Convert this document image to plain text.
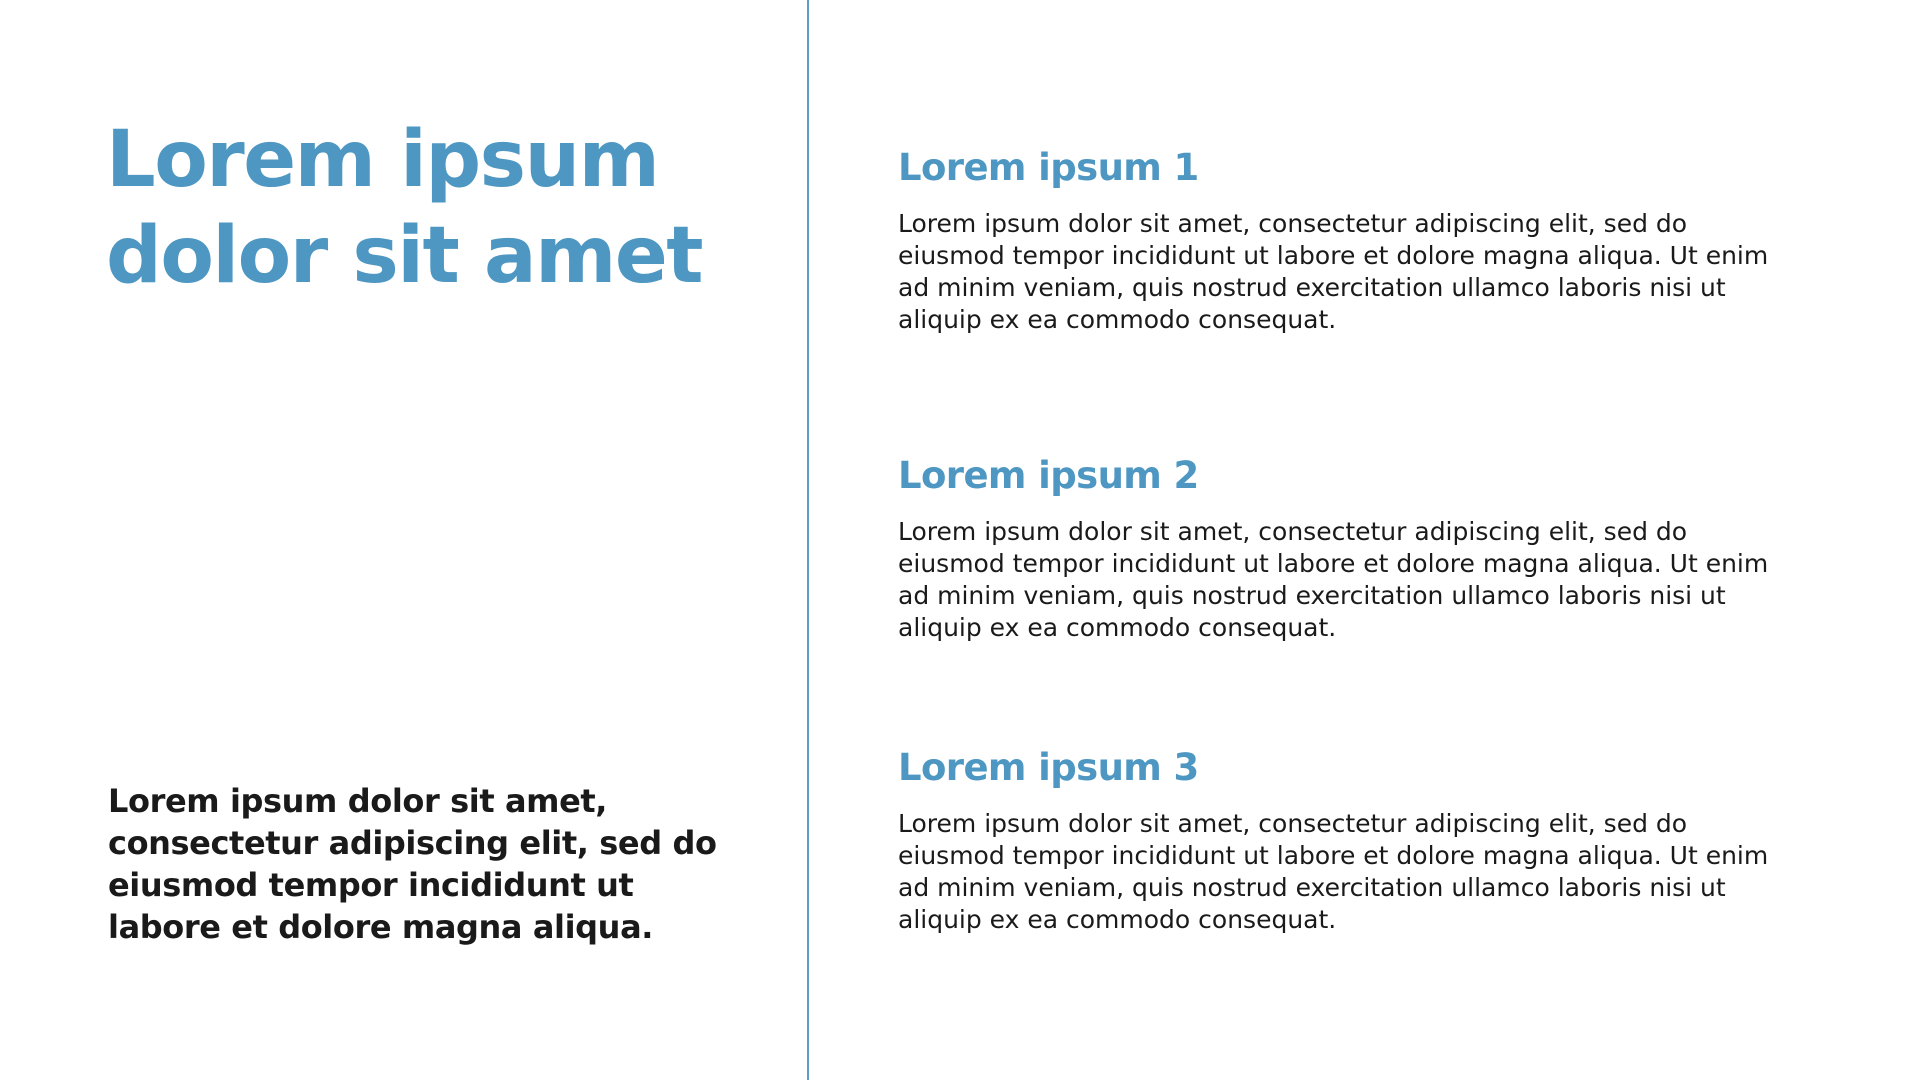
Lorem ipsum dolor sit amet

Lorem ipsum dolor sit amet, consectetur adipiscing elit, sed do eiusmod tempor incididunt ut labore et dolore magna aliqua.

Lorem ipsum 1

Lorem ipsum dolor sit amet, consectetur adipiscing elit, sed do eiusmod tempor incididunt ut labore et dolore magna aliqua. Ut enim ad minim veniam, quis nostrud exercitation ullamco laboris nisi ut aliquip ex ea commodo consequat.

Lorem ipsum 2

Lorem ipsum dolor sit amet, consectetur adipiscing elit, sed do eiusmod tempor incididunt ut labore et dolore magna aliqua. Ut enim ad minim veniam, quis nostrud exercitation ullamco laboris nisi ut aliquip ex ea commodo consequat.

Lorem ipsum 3

Lorem ipsum dolor sit amet, consectetur adipiscing elit, sed do eiusmod tempor incididunt ut labore et dolore magna aliqua. Ut enim ad minim veniam, quis nostrud exercitation ullamco laboris nisi ut aliquip ex ea commodo consequat.
